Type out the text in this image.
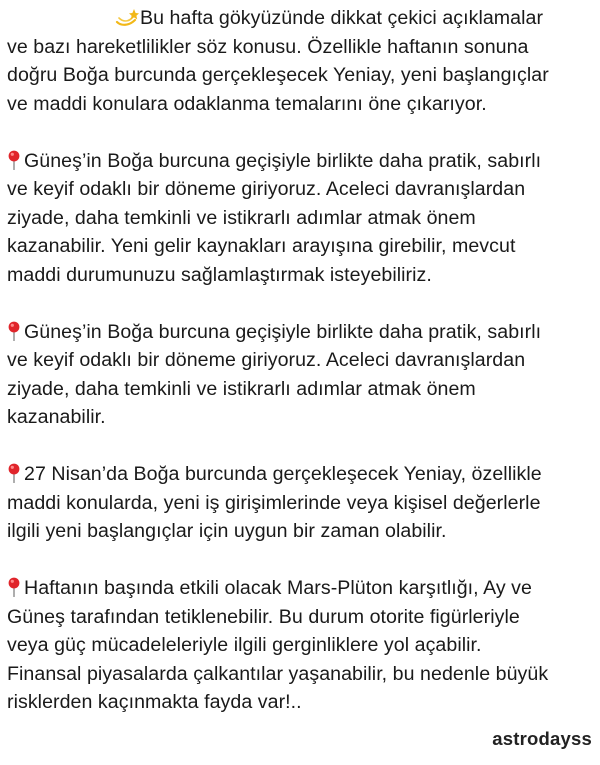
Bu hafta gökyüzünde dikkat çekici açıklamalar
ve bazı hareketlilikler söz konusu. Özellikle haftanın sonuna
doğru Boğa burcunda gerçekleşecek Yeniay, yeni başlangıçlar
ve maddi konulara odaklanma temalarını öne çıkarıyor.

Güneş’in Boğa burcuna geçişiyle birlikte daha pratik, sabırlı
ve keyif odaklı bir döneme giriyoruz. Aceleci davranışlardan
ziyade, daha temkinli ve istikrarlı adımlar atmak önem
kazanabilir. Yeni gelir kaynakları arayışına girebilir, mevcut
maddi durumunuzu sağlamlaştırmak isteyebiliriz.

Güneş’in Boğa burcuna geçişiyle birlikte daha pratik, sabırlı
ve keyif odaklı bir döneme giriyoruz. Aceleci davranışlardan
ziyade, daha temkinli ve istikrarlı adımlar atmak önem
kazanabilir.

27 Nisan’da Boğa burcunda gerçekleşecek Yeniay, özellikle
maddi konularda, yeni iş girişimlerinde veya kişisel değerlerle
ilgili yeni başlangıçlar için uygun bir zaman olabilir.

Haftanın başında etkili olacak Mars-Plüton karşıtlığı, Ay ve
Güneş tarafından tetiklenebilir. Bu durum otorite figürleriyle
veya güç mücadeleleriyle ilgili gerginliklere yol açabilir.
Finansal piyasalarda çalkantılar yaşanabilir, bu nedenle büyük
risklerden kaçınmakta fayda var!..

astrodayss
